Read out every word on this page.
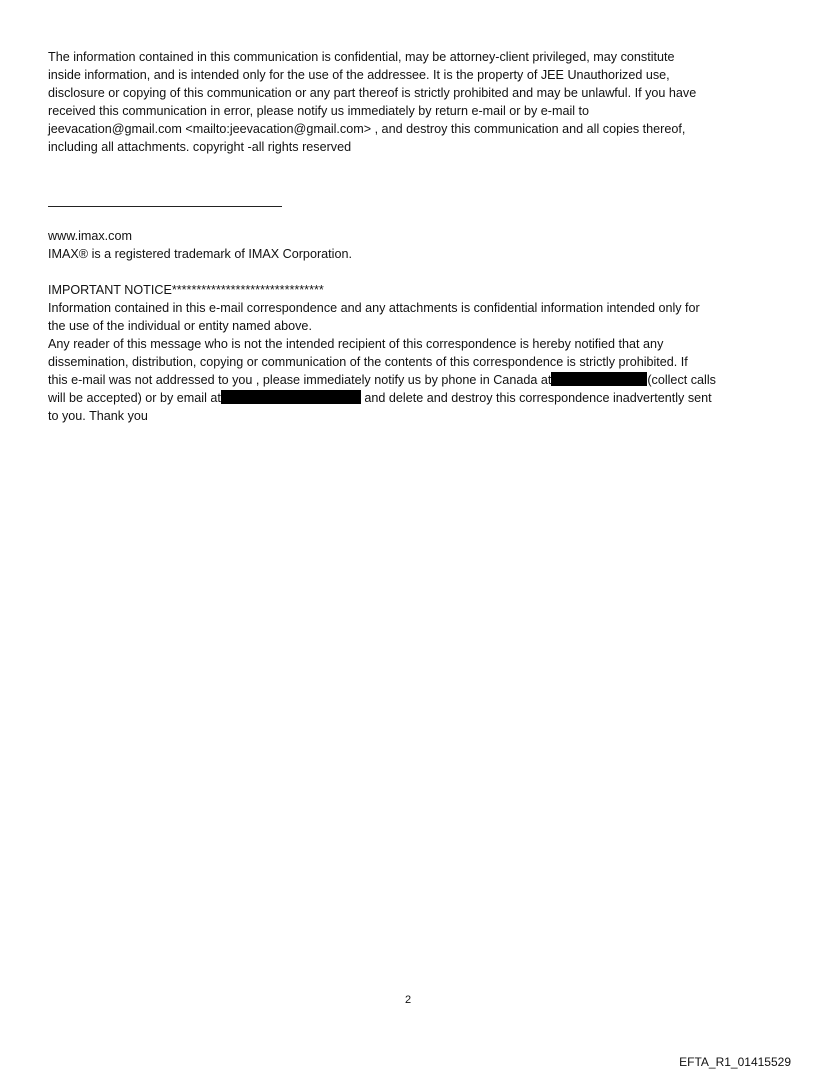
The information contained in this communication is confidential, may be attorney-client privileged, may constitute
inside information, and is intended only for the use of the addressee. It is the property of JEE Unauthorized use,
disclosure or copying of this communication or any part thereof is strictly prohibited and may be unlawful. If you have
received this communication in error, please notify us immediately by return e-mail or by e-mail to
jeevacation@gmail.com <mailto:jeevacation@gmail.com> , and destroy this communication and all copies thereof,
including all attachments. copyright -all rights reserved
www.imax.com
IMAX® is a registered trademark of IMAX Corporation.
IMPORTANT NOTICE*******************************
Information contained in this e-mail correspondence and any attachments is confidential information intended only for
the use of the individual or entity named above.
Any reader of this message who is not the intended recipient of this correspondence is hereby notified that any
dissemination, distribution, copying or communication of the contents of this correspondence is strictly prohibited. If
this e-mail was not addressed to you , please immediately notify us by phone in Canada at	(collect calls
will be accepted) or by email at	and delete and destroy this correspondence inadvertently sent
to you. Thank you
2
EFTA_R1_01415529
